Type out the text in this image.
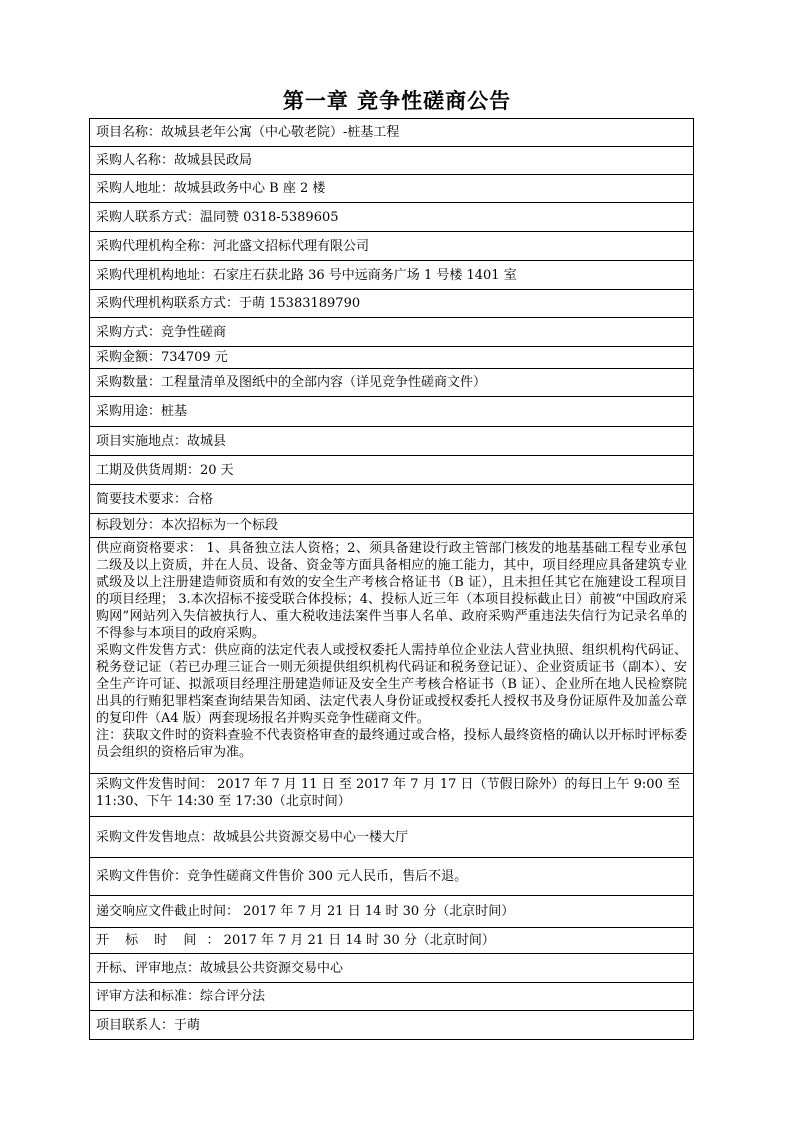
第一章 竞争性磋商公告
项目名称：故城县老年公寓（中心敬老院）-桩基工程
采购人名称：故城县民政局
采购人地址：故城县政务中心 B 座 2 楼
采购人联系方式：温同赞 0318-5389605
采购代理机构全称：河北盛文招标代理有限公司
采购代理机构地址：石家庄石获北路 36 号中远商务广场 1 号楼 1401 室
采购代理机构联系方式：于萌 15383189790
采购方式：竞争性磋商
采购金额：734709 元
采购数量：工程量清单及图纸中的全部内容（详见竞争性磋商文件）
采购用途：桩基
项目实施地点：故城县
工期及供货周期：20 天
简要技术要求：合格
标段划分：本次招标为一个标段

供应商资格要求： 1、具备独立法人资格；2、须具备建设行政主管部门核发的地基基础工程专业承包二级及以上资质，并在人员、设备、资金等方面具备相应的施工能力，其中，项目经理应具备建筑专业贰级及以上注册建造师资质和有效的安全生产考核合格证书（B 证），且未担任其它在施建设工程项目的项目经理； 3.本次招标不接受联合体投标；4、投标人近三年（本项目投标截止日）前被“中国政府采购网”网站列入失信被执行人、重大税收违法案件当事人名单、政府采购严重违法失信行为记录名单的不得参与本项目的政府采购。
采购文件发售方式：供应商的法定代表人或授权委托人需持单位企业法人营业执照、组织机构代码证、税务登记证（若已办理三证合一则无须提供组织机构代码证和税务登记证）、企业资质证书（副本）、安全生产许可证、拟派项目经理注册建造师证及安全生产考核合格证书（B 证）、企业所在地人民检察院出具的行贿犯罪档案查询结果告知函、法定代表人身份证或授权委托人授权书及身份证原件及加盖公章的复印件（A4 版）两套现场报名并购买竞争性磋商文件。
注：获取文件时的资料查验不代表资格审查的最终通过或合格，投标人最终资格的确认以开标时评标委员会组织的资格后审为准。

采购文件发售时间： 2017 年 7 月 11 日 至 2017 年 7 月 17 日（节假日除外）的每日上午 9:00 至 11:30、下午 14:30 至 17:30（北京时间）
采购文件发售地点：故城县公共资源交易中心一楼大厅
采购文件售价：竞争性磋商文件售价 300 元人民币，售后不退。
递交响应文件截止时间： 2017 年 7 月 21 日 14 时 30 分（北京时间）
开 标 时 间 ： 2017 年 7 月 21 日 14 时 30 分（北京时间）
开标、评审地点：故城县公共资源交易中心
评审方法和标准：综合评分法
项目联系人：于萌
